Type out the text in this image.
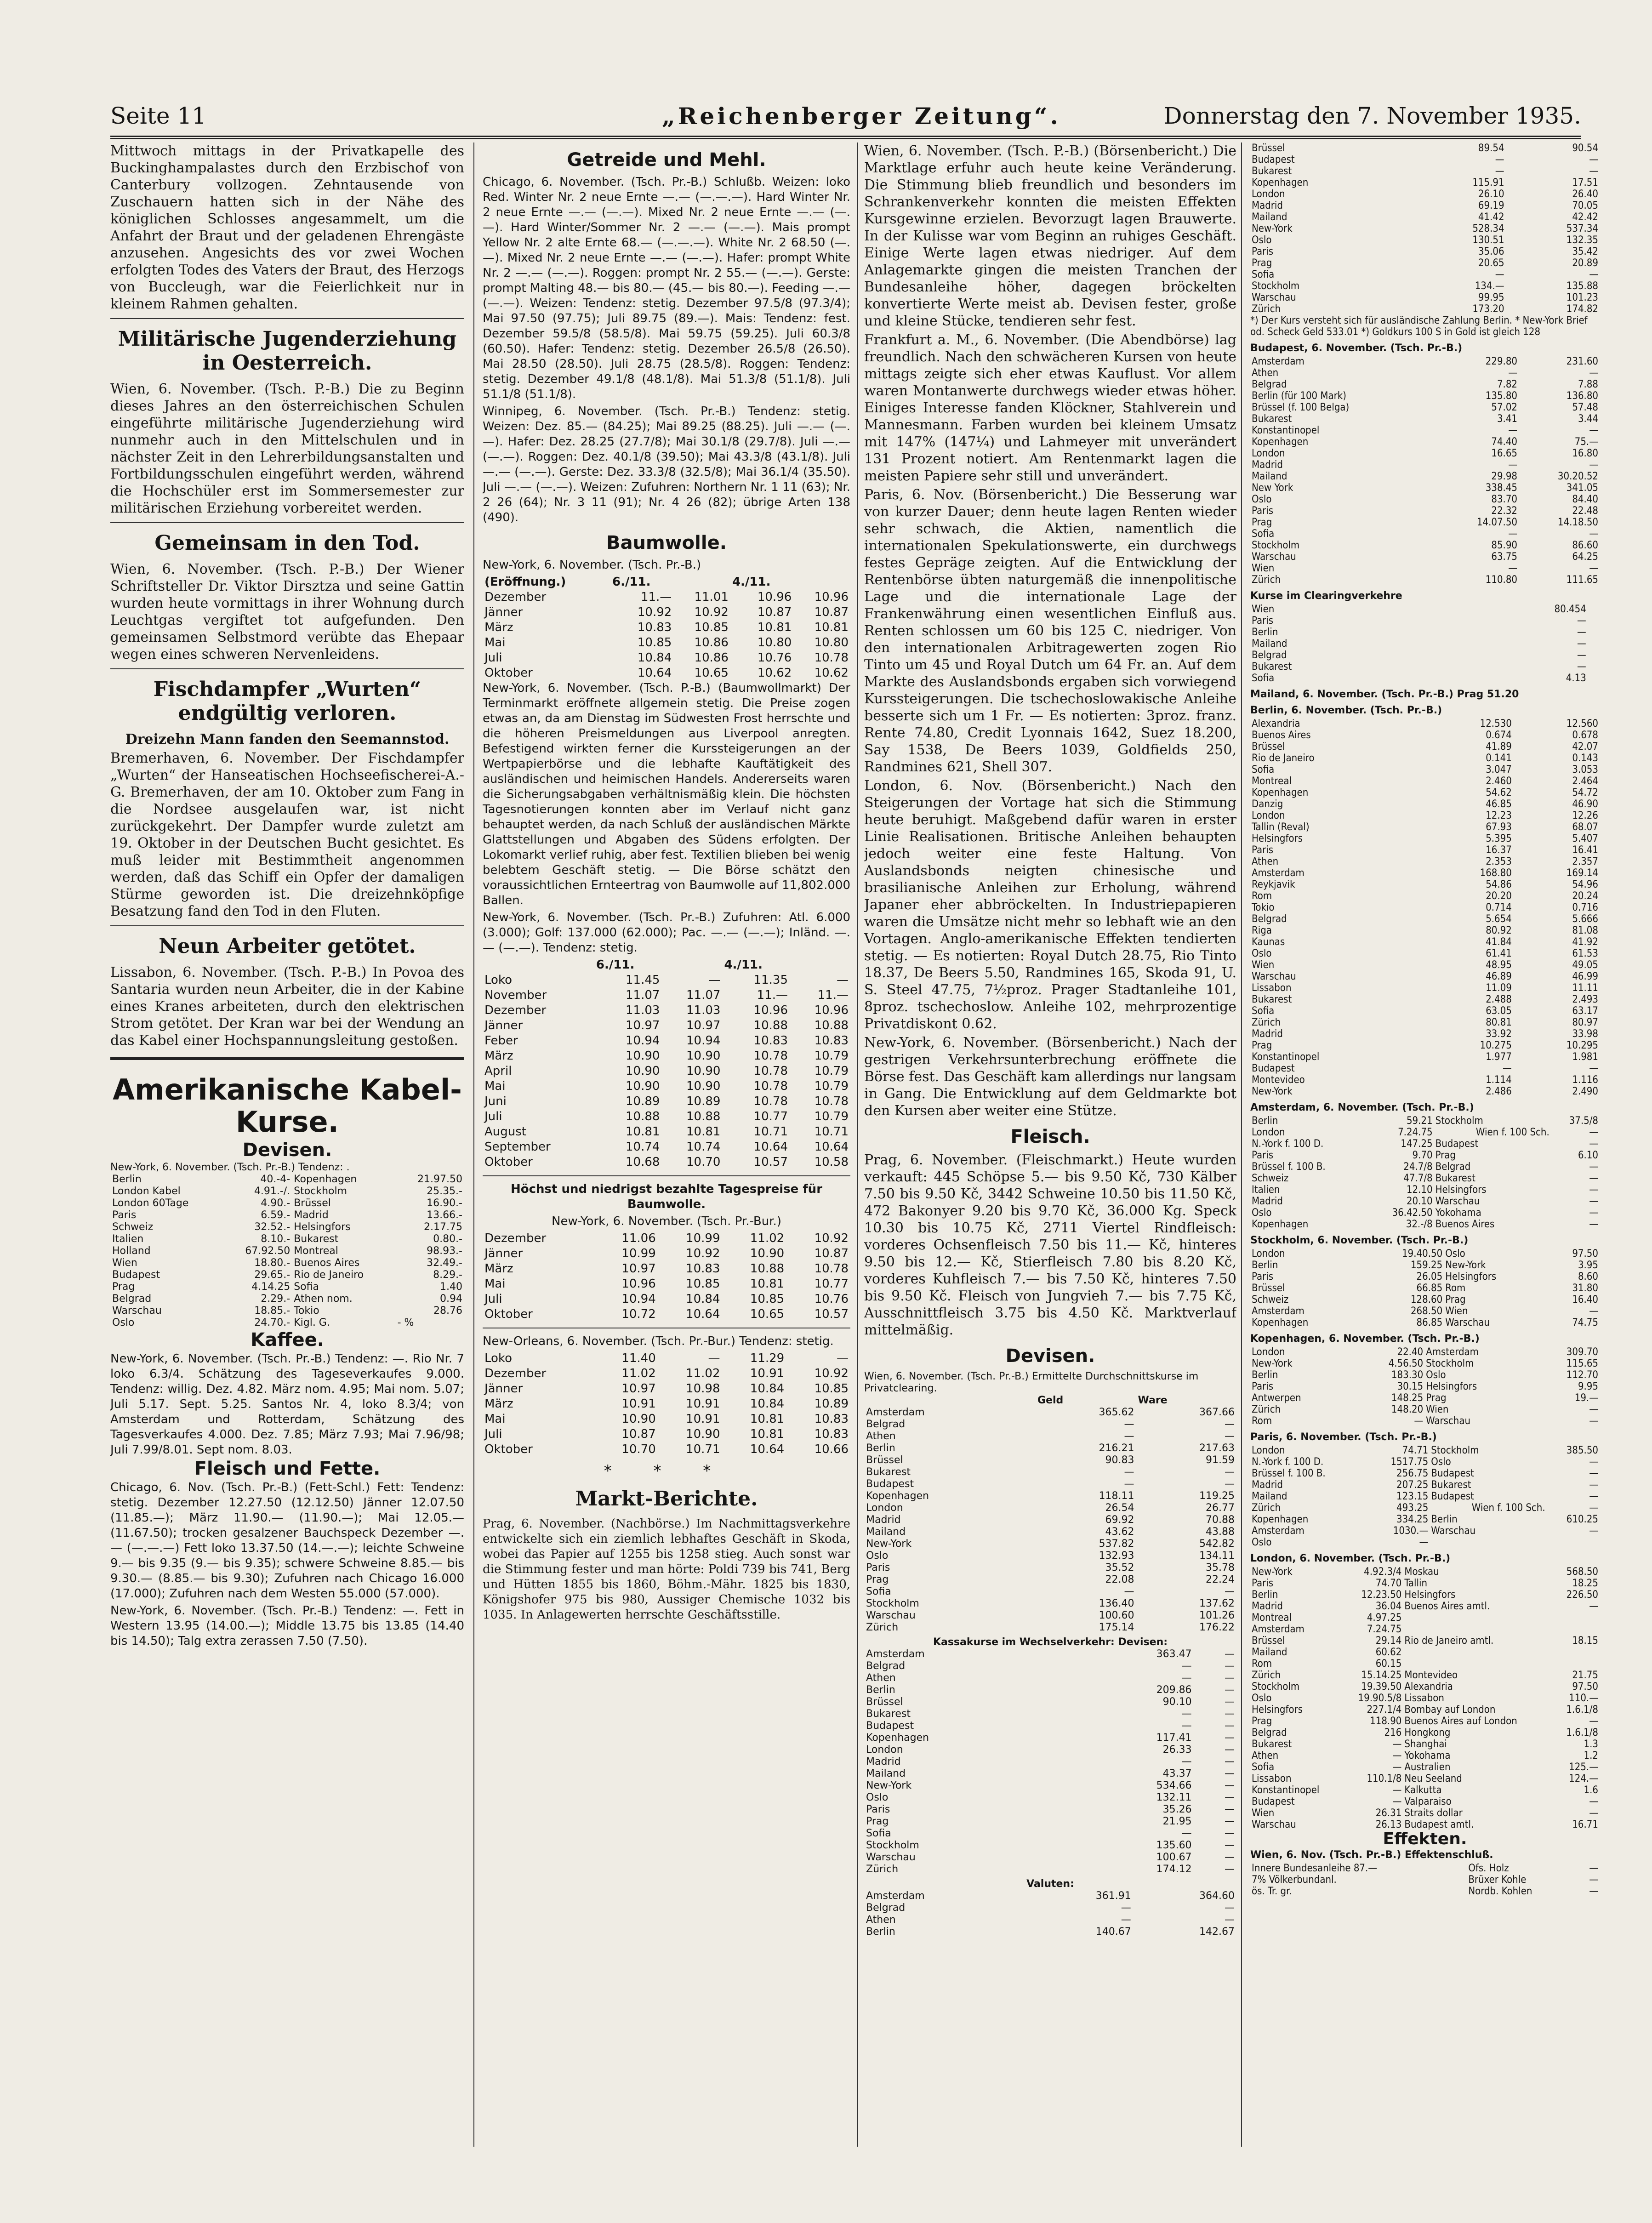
Seite 11	„Reichenberger Zeitung“.	Donnerstag den 7. November 1935.

Mittwoch mittags in der Privatkapelle des Buckinghampalastes durch den Erzbischof von Canterbury vollzogen. Zehntausende von Zuschauern hatten sich in der Nähe des königlichen Schlosses angesammelt, um die Anfahrt der Braut und der geladenen Ehrengäste anzusehen. Angesichts des vor zwei Wochen erfolgten Todes des Vaters der Braut, des Herzogs von Buccleugh, war die Feierlichkeit nur in kleinem Rahmen gehalten.

Militärische Jugenderziehung in Oesterreich.

Wien, 6. November. (Tsch. P.-B.) Die zu Beginn dieses Jahres an den österreichischen Schulen eingeführte militärische Jugenderziehung wird nunmehr auch in den Mittelschulen und in nächster Zeit in den Lehrerbildungsanstalten und Fortbildungsschulen eingeführt werden, während die Hochschüler erst im Sommersemester zur militärischen Erziehung vorbereitet werden.

Gemeinsam in den Tod.

Wien, 6. November. (Tsch. P.-B.) Der Wiener Schriftsteller Dr. Viktor Dirsztza und seine Gattin wurden heute vormittags in ihrer Wohnung durch Leuchtgas vergiftet tot aufgefunden. Den gemeinsamen Selbstmord verübte das Ehepaar wegen eines schweren Nervenleidens.

Fischdampfer „Wurten“ endgültig verloren.

Dreizehn Mann fanden den Seemannstod.

Bremerhaven, 6. November. Der Fischdampfer „Wurten“ der Hanseatischen Hochseefischerei-A.-G. Bremerhaven, der am 10. Oktober zum Fang in die Nordsee ausgelaufen war, ist nicht zurückgekehrt. Der Dampfer wurde zuletzt am 19. Oktober in der Deutschen Bucht gesichtet. Es muß leider mit Bestimmtheit angenommen werden, daß das Schiff ein Opfer der damaligen Stürme geworden ist. Die dreizehnköpfige Besatzung fand den Tod in den Fluten.

Neun Arbeiter getötet.

Lissabon, 6. November. (Tsch. P.-B.) In Povoa des Santaria wurden neun Arbeiter, die in der Kabine eines Kranes arbeiteten, durch den elektrischen Strom getötet. Der Kran war bei der Wendung an das Kabel einer Hochspannungsleitung gestoßen.

Amerikanische Kabel-Kurse.
Devisen.
New-York, 6. November. (Tsch. Pr.-B.) Tendenz: .
Berlin	40.-4-	Kopenhagen	21.97.50
London Kabel	4.91.-/.	Stockholm	25.35.-
London 60Tage	4.90.-	Brüssel	16.90.-
Paris	6.59.-	Madrid	13.66.-
Schweiz	32.52.-	Helsingfors	2.17.75
Italien	8.10.-	Bukarest	0.80.-
Holland	67.92.50	Montreal	98.93.-
Wien	18.80.-	Buenos Aires	32.49.-
Budapest	29.65.-	Rio de Janeiro	8.29.-
Prag	4.14.25	Sofia	1.40
Belgrad	2.29.-	Athen nom.	0.94
Warschau	18.85.-	Tokio	28.76
Oslo	24.70.-	Kigl. G.	- %
Kaffee.

New-York, 6. November. (Tsch. Pr.-B.) Tendenz: —. Rio Nr. 7 loko 6.3/4. Schätzung des Tageseverkaufes 9.000. Tendenz: willig. Dez. 4.82. März nom. 4.95; Mai nom. 5.07; Juli 5.17. Sept. 5.25. Santos Nr. 4, loko 8.3/4; von Amsterdam und Rotterdam, Schätzung des Tagesverkaufes 4.000. Dez. 7.85; März 7.93; Mai 7.96/98; Juli 7.99/8.01. Sept nom. 8.03.

Fleisch und Fette.

Chicago, 6. Nov. (Tsch. Pr.-B.) (Fett-Schl.) Fett: Tendenz: stetig. Dezember 12.27.50 (12.12.50) Jänner 12.07.50 (11.85.—); März 11.90.— (11.90.—); Mai 12.05.— (11.67.50); trocken gesalzener Bauchspeck Dezember —.— (—.—.—) Fett loko 13.37.50 (14.—.—); leichte Schweine 9.— bis 9.35 (9.— bis 9.35); schwere Schweine 8.85.— bis 9.30.— (8.85.— bis 9.30); Zufuhren nach Chicago 16.000 (17.000); Zufuhren nach dem Westen 55.000 (57.000).

New-York, 6. November. (Tsch. Pr.-B.) Tendenz: —. Fett in Western 13.95 (14.00.—); Middle 13.75 bis 13.85 (14.40 bis 14.50); Talg extra zerassen 7.50 (7.50).

Getreide und Mehl.

Chicago, 6. November. (Tsch. Pr.-B.) Schlußb. Weizen: loko Red. Winter Nr. 2 neue Ernte —.— (—.—.—). Hard Winter Nr. 2 neue Ernte —.— (—.—). Mixed Nr. 2 neue Ernte —.— (—.—). Hard Winter/Sommer Nr. 2 —.— (—.—). Mais prompt Yellow Nr. 2 alte Ernte 68.— (—.—.—). White Nr. 2 68.50 (—.—). Mixed Nr. 2 neue Ernte —.— (—.—). Hafer: prompt White Nr. 2 —.— (—.—). Roggen: prompt Nr. 2 55.— (—.—). Gerste: prompt Malting 48.— bis 80.— (45.— bis 80.—). Feeding —.— (—.—). Weizen: Tendenz: stetig. Dezember 97.5/8 (97.3/4); Mai 97.50 (97.75); Juli 89.75 (89.—). Mais: Tendenz: fest. Dezember 59.5/8 (58.5/8). Mai 59.75 (59.25). Juli 60.3/8 (60.50). Hafer: Tendenz: stetig. Dezember 26.5/8 (26.50). Mai 28.50 (28.50). Juli 28.75 (28.5/8). Roggen: Tendenz: stetig. Dezember 49.1/8 (48.1/8). Mai 51.3/8 (51.1/8). Juli 51.1/8 (51.1/8).

Winnipeg, 6. November. (Tsch. Pr.-B.) Tendenz: stetig. Weizen: Dez. 85.— (84.25); Mai 89.25 (88.25). Juli —.— (—.—). Hafer: Dez. 28.25 (27.7/8); Mai 30.1/8 (29.7/8). Juli —.— (—.—). Roggen: Dez. 40.1/8 (39.50); Mai 43.3/8 (43.1/8). Juli —.— (—.—). Gerste: Dez. 33.3/8 (32.5/8); Mai 36.1/4 (35.50). Juli —.— (—.—). Weizen: Zufuhren: Northern Nr. 1 11 (63); Nr. 2 26 (64); Nr. 3 11 (91); Nr. 4 26 (82); übrige Arten 138 (490).

Baumwolle.

New-York, 6. November. (Tsch. Pr.-B.)

(Eröffnung.)	6./11.		4./11.	
Dezember	11.—	11.01	10.96	10.96
Jänner	10.92	10.92	10.87	10.87
März	10.83	10.85	10.81	10.81
Mai	10.85	10.86	10.80	10.80
Juli	10.84	10.86	10.76	10.78
Oktober	10.64	10.65	10.62	10.62

New-York, 6. November. (Tsch. P.-B.) (Baumwollmarkt) Der Terminmarkt eröffnete allgemein stetig. Die Preise zogen etwas an, da am Dienstag im Südwesten Frost herrschte und die höheren Preismeldungen aus Liverpool anregten. Befestigend wirkten ferner die Kurssteigerungen an der Wertpapierbörse und die lebhafte Kauftätigkeit des ausländischen und heimischen Handels. Andererseits waren die Sicherungsabgaben verhältnismäßig klein. Die höchsten Tagesnotierungen konnten aber im Verlauf nicht ganz behauptet werden, da nach Schluß der ausländischen Märkte Glattstellungen und Abgaben des Südens erfolgten. Der Lokomarkt verlief ruhig, aber fest. Textilien blieben bei wenig belebtem Geschäft stetig. — Die Börse schätzt den voraussichtlichen Ernteertrag von Baumwolle auf 11,802.000 Ballen.

New-York, 6. November. (Tsch. Pr.-B.) Zufuhren: Atl. 6.000 (3.000); Golf: 137.000 (62.000); Pac. —.— (—.—); Inländ. —.— (—.—). Tendenz: stetig.

	6./11.		4./11.	
Loko	11.45	—	11.35	—
November	11.07	11.07	11.—	11.—
Dezember	11.03	11.03	10.96	10.96
Jänner	10.97	10.97	10.88	10.88
Feber	10.94	10.94	10.83	10.83
März	10.90	10.90	10.78	10.79
April	10.90	10.90	10.78	10.79
Mai	10.90	10.90	10.78	10.79
Juni	10.89	10.89	10.78	10.78
Juli	10.88	10.88	10.77	10.79
August	10.81	10.81	10.71	10.71
September	10.74	10.74	10.64	10.64
Oktober	10.68	10.70	10.57	10.58

Höchst und niedrigst bezahlte Tagespreise für Baumwolle.

New-York, 6. November. (Tsch. Pr.-Bur.)

Dezember	11.06	10.99	11.02	10.92
Jänner	10.99	10.92	10.90	10.87
März	10.97	10.83	10.88	10.78
Mai	10.96	10.85	10.81	10.77
Juli	10.94	10.84	10.85	10.76
Oktober	10.72	10.64	10.65	10.57

New-Orleans, 6. November. (Tsch. Pr.-Bur.) Tendenz: stetig.

Loko	11.40	—	11.29	—
Dezember	11.02	11.02	10.91	10.92
Jänner	10.97	10.98	10.84	10.85
März	10.91	10.91	10.84	10.89
Mai	10.90	10.91	10.81	10.83
Juli	10.87	10.90	10.81	10.83
Oktober	10.70	10.71	10.64	10.66
* * *
Markt-Berichte.

Prag, 6. November. (Nachbörse.) Im Nachmittagsverkehre entwickelte sich ein ziemlich lebhaftes Geschäft in Skoda, wobei das Papier auf 1255 bis 1258 stieg. Auch sonst war die Stimmung fester und man hörte: Poldi 739 bis 741, Berg und Hütten 1855 bis 1860, Böhm.-Mähr. 1825 bis 1830, Königshofer 975 bis 980, Aussiger Chemische 1032 bis 1035. In Anlagewerten herrschte Geschäftsstille.

Wien, 6. November. (Tsch. P.-B.) (Börsenbericht.) Die Marktlage erfuhr auch heute keine Veränderung. Die Stimmung blieb freundlich und besonders im Schrankenverkehr konnten die meisten Effekten Kursgewinne erzielen. Bevorzugt lagen Brauwerte. In der Kulisse war vom Beginn an ruhiges Geschäft. Einige Werte lagen etwas niedriger. Auf dem Anlagemarkte gingen die meisten Tranchen der Bundesanleihe höher, dagegen bröckelten konvertierte Werte meist ab. Devisen fester, große und kleine Stücke, tendieren sehr fest.

Frankfurt a. M., 6. November. (Die Abendbörse) lag freundlich. Nach den schwächeren Kursen von heute mittags zeigte sich eher etwas Kauflust. Vor allem waren Montanwerte durchwegs wieder etwas höher. Einiges Interesse fanden Klöckner, Stahlverein und Mannesmann. Farben wurden bei kleinem Umsatz mit 147% (147¼) und Lahmeyer mit unverändert 131 Prozent notiert. Am Rentenmarkt lagen die meisten Papiere sehr still und unverändert.

Paris, 6. Nov. (Börsenbericht.) Die Besserung war von kurzer Dauer; denn heute lagen Renten wieder sehr schwach, die Aktien, namentlich die internationalen Spekulationswerte, ein durchwegs festes Gepräge zeigten. Auf die Entwicklung der Rentenbörse übten naturgemäß die innenpolitische Lage und die internationale Lage der Frankenwährung einen wesentlichen Einfluß aus. Renten schlossen um 60 bis 125 C. niedriger. Von den internationalen Arbitragewerten zogen Rio Tinto um 45 und Royal Dutch um 64 Fr. an. Auf dem Markte des Auslandsbonds ergaben sich vorwiegend Kurssteigerungen. Die tschechoslowakische Anleihe besserte sich um 1 Fr. — Es notierten: 3proz. franz. Rente 74.80, Credit Lyonnais 1642, Suez 18.200, Say 1538, De Beers 1039, Goldfields 250, Randmines 621, Shell 307.

London, 6. Nov. (Börsenbericht.) Nach den Steigerungen der Vortage hat sich die Stimmung heute beruhigt. Maßgebend dafür waren in erster Linie Realisationen. Britische Anleihen behaupten jedoch weiter eine feste Haltung. Von Auslandsbonds neigten chinesische und brasilianische Anleihen zur Erholung, während Japaner eher abbröckelten. In Industriepapieren waren die Umsätze nicht mehr so lebhaft wie an den Vortagen. Anglo-amerikanische Effekten tendierten stetig. — Es notierten: Royal Dutch 28.75, Rio Tinto 18.37, De Beers 5.50, Randmines 165, Skoda 91, U. S. Steel 47.75, 7½proz. Prager Stadtanleihe 101, 8proz. tschechoslow. Anleihe 102, mehrprozentige Privatdiskont 0.62.

New-York, 6. November. (Börsenbericht.) Nach der gestrigen Verkehrsunterbrechung eröffnete die Börse fest. Das Geschäft kam allerdings nur langsam in Gang. Die Entwicklung auf dem Geldmarkte bot den Kursen aber weiter eine Stütze.

Fleisch.

Prag, 6. November. (Fleischmarkt.) Heute wurden verkauft: 445 Schöpse 5.— bis 9.50 Kč, 730 Kälber 7.50 bis 9.50 Kč, 3442 Schweine 10.50 bis 11.50 Kč, 472 Bakonyer 9.20 bis 9.70 Kč, 36.000 Kg. Speck 10.30 bis 10.75 Kč, 2711 Viertel Rindfleisch: vorderes Ochsenfleisch 7.50 bis 11.— Kč, hinteres 9.50 bis 12.— Kč, Stierfleisch 7.80 bis 8.20 Kč, vorderes Kuhfleisch 7.— bis 7.50 Kč, hinteres 7.50 bis 9.50 Kč. Fleisch von Jungvieh 7.— bis 7.75 Kč, Ausschnittfleisch 3.75 bis 4.50 Kč. Marktverlauf mittelmäßig.

Devisen.
Wien, 6. November. (Tsch. Pr.-B.) Ermittelte Durchschnittskurse im Privatclearing.
	Geld	Ware
Amsterdam	365.62	367.66
Belgrad	—	—
Athen	—	—
Berlin	216.21	217.63
Brüssel	90.83	91.59
Bukarest	—	—
Budapest	—	—
Kopenhagen	118.11	119.25
London	26.54	26.77
Madrid	69.92	70.88
Mailand	43.62	43.88
New-York	537.82	542.82
Oslo	132.93	134.11
Paris	35.52	35.78
Prag	22.08	22.24
Sofia	—	—
Stockholm	136.40	137.62
Warschau	100.60	101.26
Zürich	175.14	176.22
Kassakurse im Wechselverkehr: Devisen:
Amsterdam	363.47	—
Belgrad	—	—
Athen	—	—
Berlin	209.86	—
Brüssel	90.10	—
Bukarest	—	—
Budapest	—	—
Kopenhagen	117.41	—
London	26.33	—
Madrid	—	—
Mailand	43.37	—
New-York	534.66	—
Oslo	132.11	—
Paris	35.26	—
Prag	21.95	—
Sofia	—	—
Stockholm	135.60	—
Warschau	100.67	—
Zürich	174.12	—
Valuten:
Amsterdam	361.91	364.60
Belgrad	—	—
Athen	—	—
Berlin	140.67	142.67
Brüssel	89.54	90.54
Budapest	—	—
Bukarest	—	—
Kopenhagen	115.91	17.51
London	26.10	26.40
Madrid	69.19	70.05
Mailand	41.42	42.42
New-York	528.34	537.34
Oslo	130.51	132.35
Paris	35.06	35.42
Prag	20.65	20.89
Sofia	—	—
Stockholm	134.—	135.88
Warschau	99.95	101.23
Zürich	173.20	174.82
*) Der Kurs versteht sich für ausländische Zahlung Berlin. * New-York Brief od. Scheck Geld 533.01 *) Goldkurs 100 S in Gold ist gleich 128
Budapest, 6. November. (Tsch. Pr.-B.)
Amsterdam	229.80	231.60
Athen	—	—
Belgrad	7.82	7.88
Berlin (für 100 Mark)	135.80	136.80
Brüssel (f. 100 Belga)	57.02	57.48
Bukarest	3.41	3.44
Konstantinopel	—	—
Kopenhagen	74.40	75.—
London	16.65	16.80
Madrid	—	—
Mailand	29.98	30.20.52
New York	338.45	341.05
Oslo	83.70	84.40
Paris	22.32	22.48
Prag	14.07.50	14.18.50
Sofia	—	—
Stockholm	85.90	86.60
Warschau	63.75	64.25
Wien	—	—
Zürich	110.80	111.65
Kurse im Clearingverkehre
Wien	80.454	
Paris	—	
Berlin	—	
Mailand	—	
Belgrad	—	
Bukarest	—	
Sofia	4.13	
Mailand, 6. November. (Tsch. Pr.-B.) Prag 51.20
Berlin, 6. November. (Tsch. Pr.-B.)
Alexandria	12.530	12.560
Buenos Aires	0.674	0.678
Brüssel	41.89	42.07
Rio de Janeiro	0.141	0.143
Sofia	3.047	3.053
Montreal	2.460	2.464
Kopenhagen	54.62	54.72
Danzig	46.85	46.90
London	12.23	12.26
Tallin (Reval)	67.93	68.07
Helsingfors	5.395	5.407
Paris	16.37	16.41
Athen	2.353	2.357
Amsterdam	168.80	169.14
Reykjavik	54.86	54.96
Rom	20.20	20.24
Tokio	0.714	0.716
Belgrad	5.654	5.666
Riga	80.92	81.08
Kaunas	41.84	41.92
Oslo	61.41	61.53
Wien	48.95	49.05
Warschau	46.89	46.99
Lissabon	11.09	11.11
Bukarest	2.488	2.493
Sofia	63.05	63.17
Zürich	80.81	80.97
Madrid	33.92	33.98
Prag	10.275	10.295
Konstantinopel	1.977	1.981
Budapest	—	—
Montevideo	1.114	1.116
New-York	2.486	2.490
Amsterdam, 6. November. (Tsch. Pr.-B.)
Berlin	59.21	Stockholm	37.5/8
London	7.24.75	Wien f. 100 Sch.	—
N.-York f. 100 D.	147.25	Budapest	—
Paris	9.70	Prag	6.10
Brüssel f. 100 B.	24.7/8	Belgrad	—
Schweiz	47.7/8	Bukarest	—
Italien	12.10	Helsingfors	—
Madrid	20.10	Warschau	—
Oslo	36.42.50	Yokohama	—
Kopenhagen	32.-/8	Buenos Aires	—
Stockholm, 6. November. (Tsch. Pr.-B.)
London	19.40.50	Oslo	97.50
Berlin	159.25	New-York	3.95
Paris	26.05	Helsingfors	8.60
Brüssel	66.85	Rom	31.80
Schweiz	128.60	Prag	16.40
Amsterdam	268.50	Wien	—
Kopenhagen	86.85	Warschau	74.75
Kopenhagen, 6. November. (Tsch. Pr.-B.)
London	22.40	Amsterdam	309.70
New-York	4.56.50	Stockholm	115.65
Berlin	183.30	Oslo	112.70
Paris	30.15	Helsingfors	9.95
Antwerpen	148.25	Prag	19.—
Zürich	148.20	Wien	—
Rom	—	Warschau	—
Paris, 6. November. (Tsch. Pr.-B.)
London	74.71	Stockholm	385.50
N.-York f. 100 D.	1517.75	Oslo	—
Brüssel f. 100 B.	256.75	Budapest	—
Madrid	207.25	Bukarest	—
Mailand	123.15	Budapest	—
Zürich	493.25	Wien f. 100 Sch.	—
Kopenhagen	334.25	Berlin	610.25
Amsterdam	1030.—	Warschau	—
Oslo	—		
London, 6. November. (Tsch. Pr.-B.)
New-York	4.92.3/4	Moskau	568.50
Paris	74.70	Tallin	18.25
Berlin	12.23.50	Helsingfors	226.50
Madrid	36.04	Buenos Aires amtl.	—
Montreal	4.97.25		
Amsterdam	7.24.75		
Brüssel	29.14	Rio de Janeiro amtl.	18.15
Mailand	60.62		
Rom	60.15		
Zürich	15.14.25	Montevideo	21.75
Stockholm	19.39.50	Alexandria	97.50
Oslo	19.90.5/8	Lissabon	110.—
Helsingfors	227.1/4	Bombay auf London	1.6.1/8
Prag	118.90	Buenos Aires auf London	—
Belgrad	216	Hongkong	1.6.1/8
Bukarest	—	Shanghai	1.3
Athen	—	Yokohama	1.2
Sofia	—	Australien	125.—
Lissabon	110.1/8	Neu Seeland	124.—
Konstantinopel	—	Kalkutta	1.6
Budapest	—	Valparaiso	—
Wien	26.31	Straits dollar	—
Warschau	26.13	Budapest amtl.	16.71
Effekten.
Wien, 6. Nov. (Tsch. Pr.-B.) Effektenschluß.
Innere Bundesanleihe 87.—	Ofs. Holz	—
7% Völkerbundanl.	Brüxer Kohle	—
ös. Tr. gr.	Nordb. Kohlen	—
